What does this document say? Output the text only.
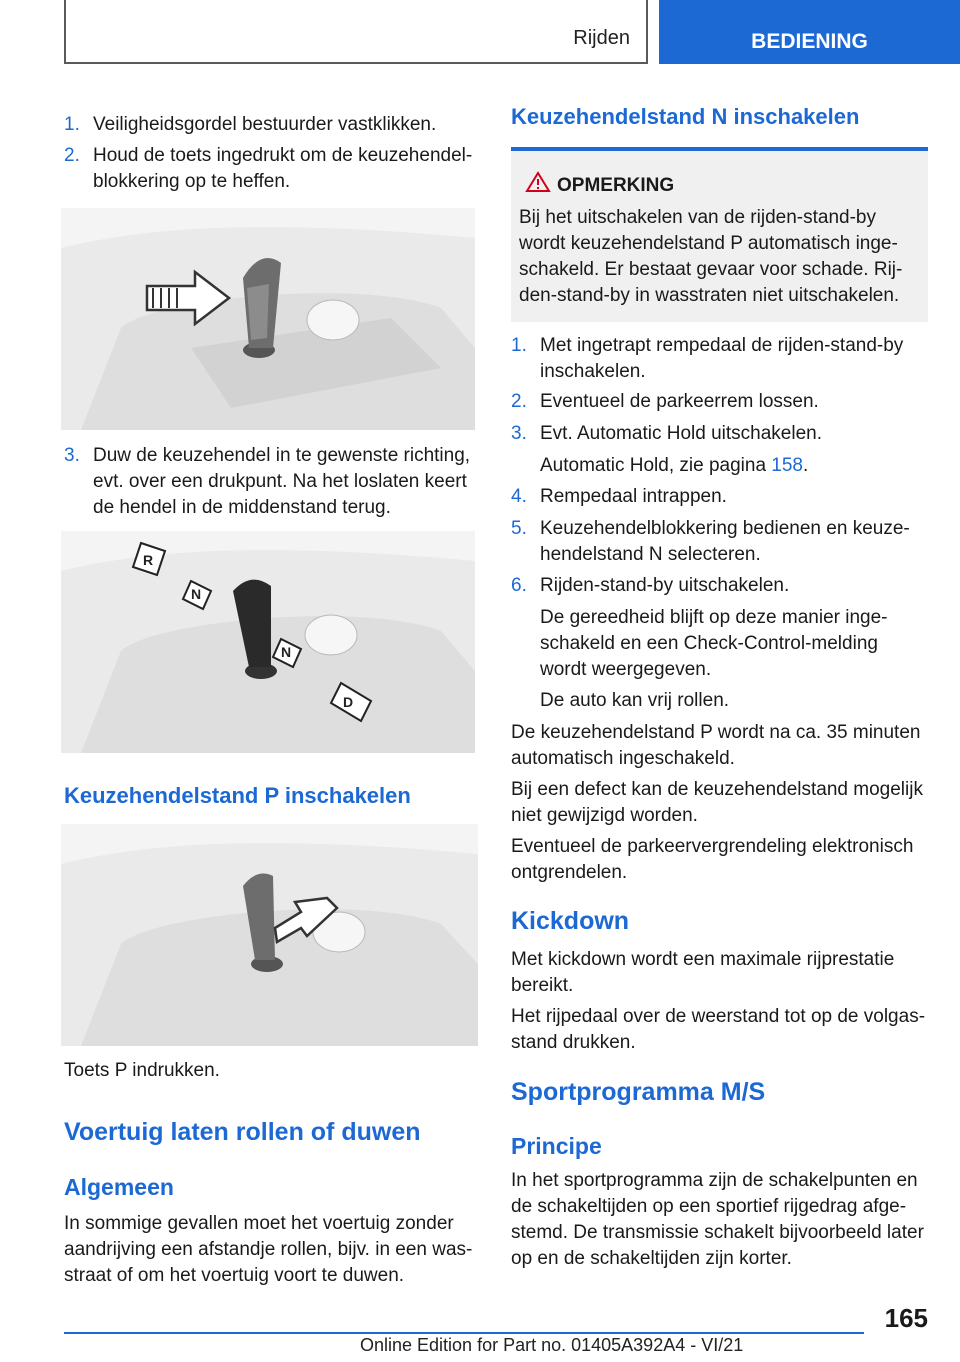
Rijden	BEDIENING
1. Veiligheidsgordel bestuurder vastklikken.
2. Houd de toets ingedrukt om de keuzehendel-blokkering op te heffen.
3. Duw de keuzehendel in te gewenste richting, evt. over een drukpunt. Na het loslaten keert de hendel in de middenstand terug.
R
N
N
D
Keuzehendelstand P inschakelen
Toets P indrukken.
Voertuig laten rollen of duwen
Algemeen
In sommige gevallen moet het voertuig zonder aandrijving een afstandje rollen, bijv. in een was-straat of om het voertuig voort te duwen.
Keuzehendelstand N inschakelen
OPMERKING
Bij het uitschakelen van de rijden-stand-by wordt keuzehendelstand P automatisch inge-schakeld. Er bestaat gevaar voor schade. Rij-den-stand-by in wasstraten niet uitschakelen.
1. Met ingetrapt rempedaal de rijden-stand-by inschakelen.
2. Eventueel de parkeerrem lossen.
3. Evt. Automatic Hold uitschakelen.
Automatic Hold, zie pagina 158.
4. Rempedaal intrappen.
5. Keuzehendelblokkering bedienen en keuze-hendelstand N selecteren.
6. Rijden-stand-by uitschakelen.
De gereedheid blijft op deze manier inge-schakeld en een Check-Control-melding wordt weergegeven.
De auto kan vrij rollen.
De keuzehendelstand P wordt na ca. 35 minuten automatisch ingeschakeld.
Bij een defect kan de keuzehendelstand mogelijk niet gewijzigd worden.
Eventueel de parkeervergrendeling elektronisch ontgrendelen.
Kickdown
Met kickdown wordt een maximale rijprestatie bereikt.
Het rijpedaal over de weerstand tot op de volgas-stand drukken.
Sportprogramma M/S
Principe
In het sportprogramma zijn de schakelpunten en de schakeltijden op een sportief rijgedrag afge-stemd. De transmissie schakelt bijvoorbeeld later op en de schakeltijden zijn korter.
165
Online Edition for Part no. 01405A392A4 - VI/21
